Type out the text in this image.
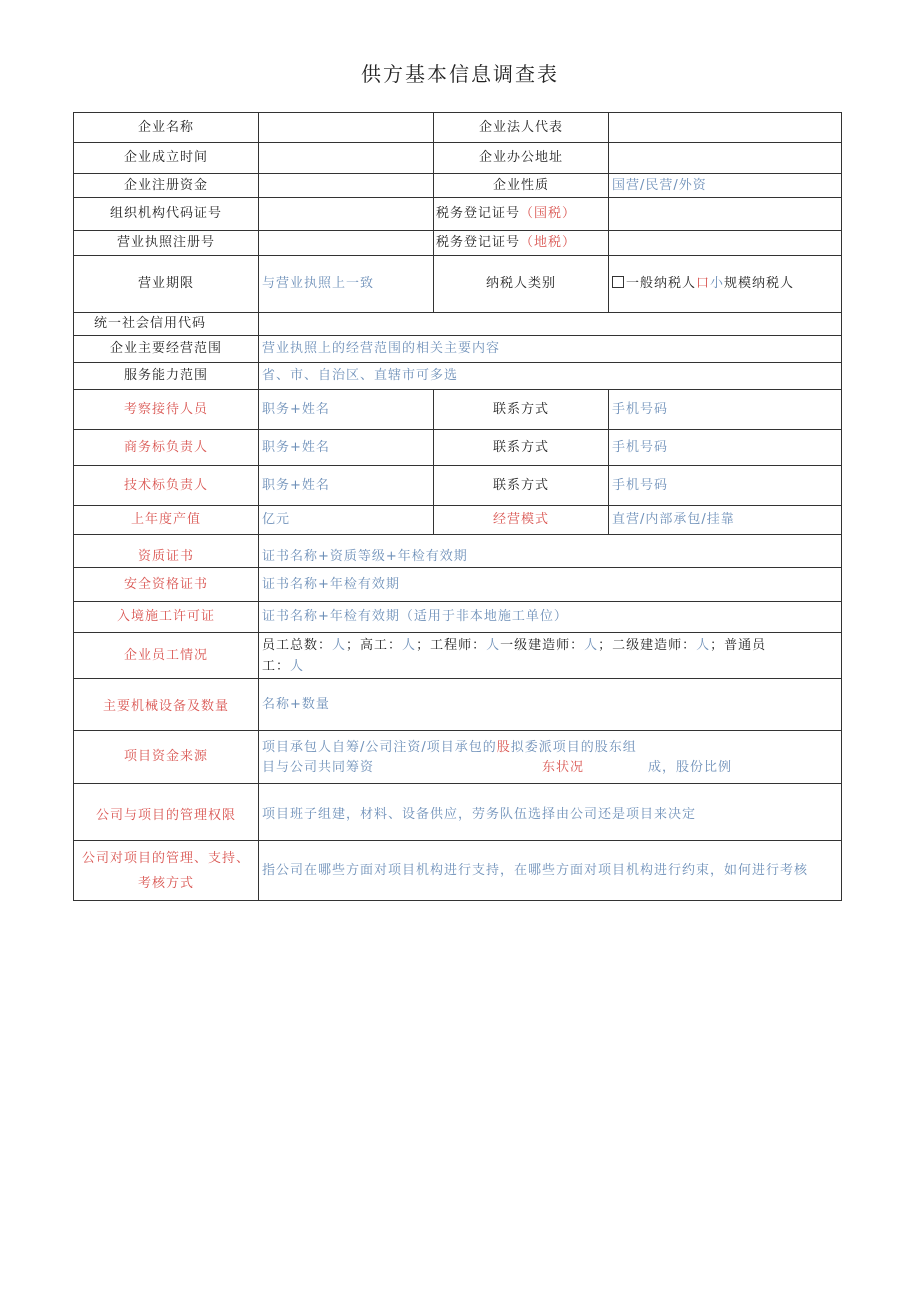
供方基本信息调查表
企业名称		企业法人代表	
企业成立时间		企业办公地址	
企业注册资金		企业性质	国营/民营/外资
组织机构代码证号		税务登记证号（国税）	
营业执照注册号		税务登记证号（地税）	
营业期限	与营业执照上一致	纳税人类别	一般纳税人口小规模纳税人
统一社会信用代码			
企业主要经营范围	营业执照上的经营范围的相关主要内容		
服务能力范围	省、市、自治区、直辖市可多选		
考察接待人员	职务+姓名	联系方式	手机号码
商务标负责人	职务+姓名	联系方式	手机号码
技术标负责人	职务+姓名	联系方式	手机号码
上年度产值	亿元	经营模式	直营/内部承包/挂靠
资质证书	证书名称+资质等级+年检有效期		
安全资格证书	证书名称+年检有效期		
入境施工许可证	证书名称+年检有效期（适用于非本地施工单位）		
企业员工情况	员工总数：人；高工：人；工程师：人一级建造师：人；二级建造师：人；普通员
工：人		
主要机械设备及数量	名称+数量		
项目资金来源	项目承包人自筹/公司注资/项目承包的股拟委派项目的股东组
目与公司共同筹资 东状况 成，股份比例		

公司与项目的管理权限	项目班子组建，材料、设备供应，劳务队伍选择由公司还是项目来决定		
公司对项目的管理、支持、考核方式	指公司在哪些方面对项目机构进行支持，在哪些方面对项目机构进行约束，如何进行考核		
